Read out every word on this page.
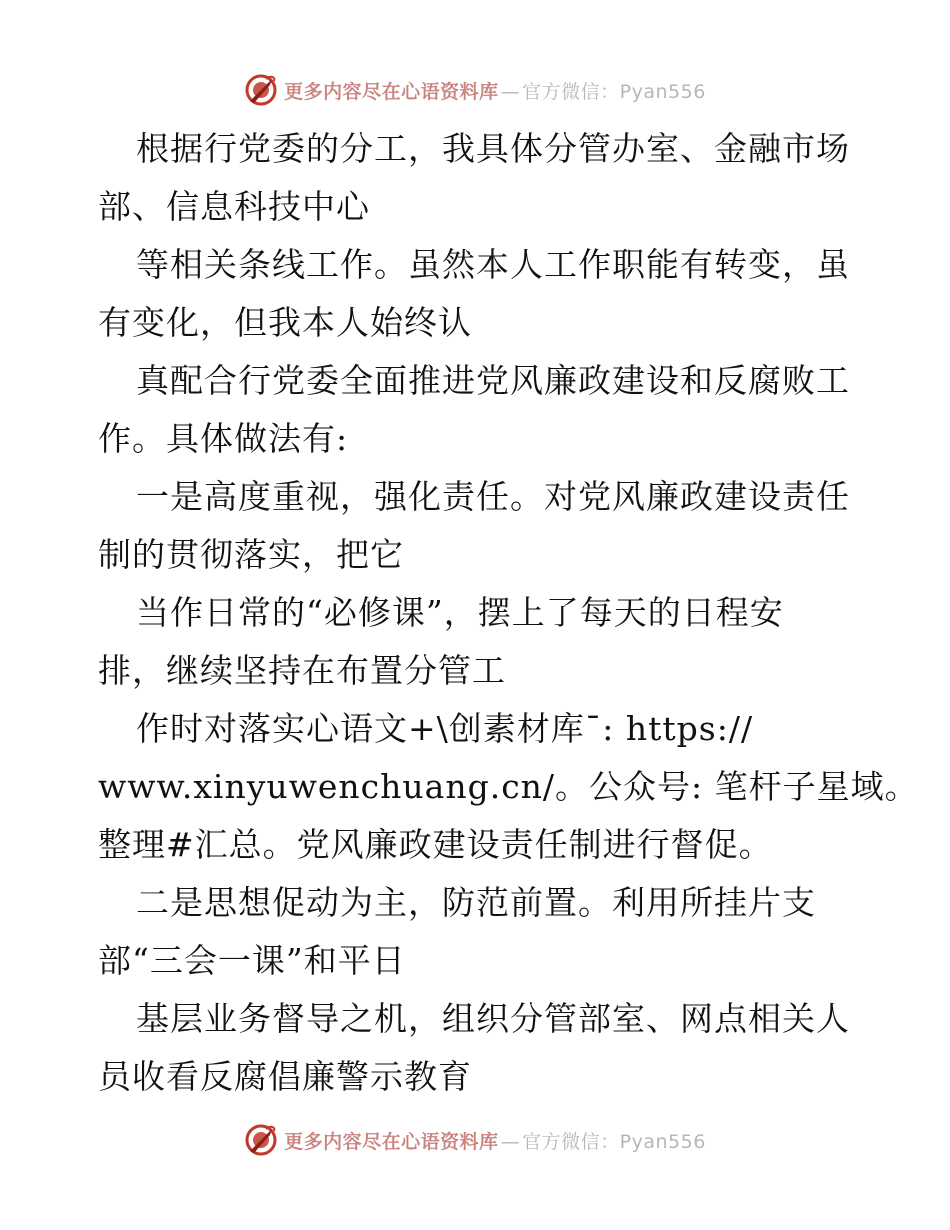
更多内容尽在心语资料库 — 官方微信：Pyan556
根据行党委的分工，我具体分管办室、金融市场
部、信息科技中心
等相关条线工作。虽然本人工作职能有转变，虽
有变化，但我本人始终认
真配合行党委全面推进党风廉政建设和反腐败工
作。具体做法有:
一是高度重视，强化责任。对党风廉政建设责任
制的贯彻落实，把它
当作日常的“必修课”，摆上了每天的日程安
排，继续坚持在布置分管工
作时对落实心语文+\创素材库¯: https://
www.xinyuwenchuang.cn/。公众号: 笔杆子星域。
整理#汇总。党风廉政建设责任制进行督促。
二是思想促动为主，防范前置。利用所挂片支
部“三会一课”和平日
基层业务督导之机，组织分管部室、网点相关人
员收看反腐倡廉警示教育
更多内容尽在心语资料库 — 官方微信：Pyan556
